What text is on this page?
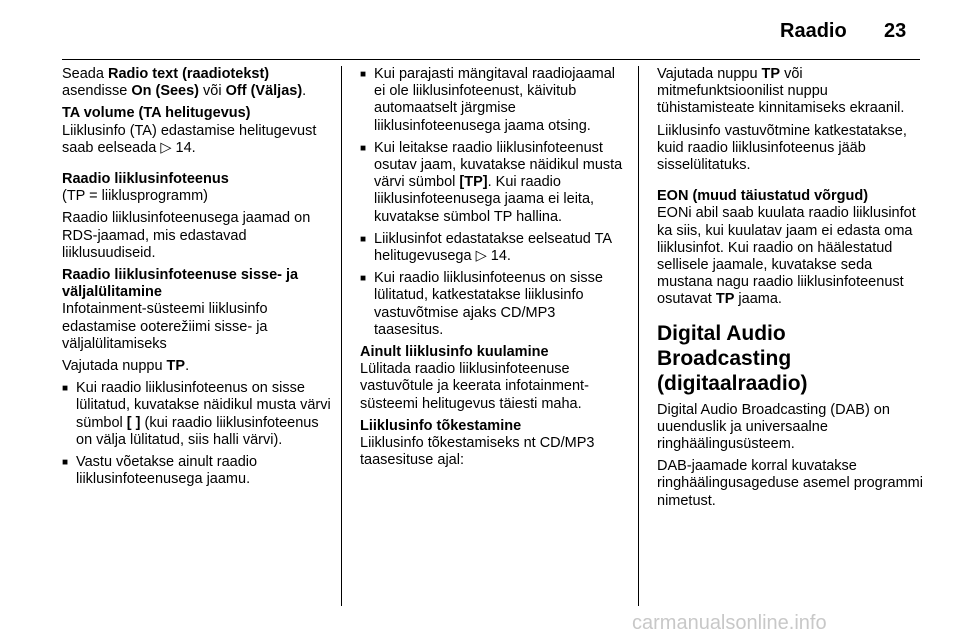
Raadio 23

Seada Radio text (raadiotekst) asendisse On (Sees) või Off (Väljas).

TA volume (TA helitugevus)

Liiklusinfo (TA) edastamise helitugevust saab eelseada ▷ 14.

Raadio liiklusinfoteenus

(TP = liiklusprogramm)

Raadio liiklusinfoteenusega jaamad on RDS-jaamad, mis edastavad liiklusuudiseid.

Raadio liiklusinfoteenuse sisse- ja väljalülitamine

Infotainment-süsteemi liiklusinfo edastamise ooterežiimi sisse- ja väljalülitamiseks

Vajutada nuppu TP.

■ Kui raadio liiklusinfoteenus on sisse lülitatud, kuvatakse näidikul musta värvi sümbol [ ] (kui raadio liiklusinfoteenus on välja lülitatud, siis halli värvi).
■ Vastu võetakse ainult raadio liiklusinfoteenusega jaamu.
■ Kui parajasti mängitaval raadiojaamal ei ole liiklusinfoteenust, käivitub automaatselt järgmise liiklusinfoteenusega jaama otsing.
■ Kui leitakse raadio liiklusinfoteenust osutav jaam, kuvatakse näidikul musta värvi sümbol [TP]. Kui raadio liiklusinfoteenusega jaama ei leita, kuvatakse sümbol TP hallina.
■ Liiklusinfot edastatakse eelseatud TA helitugevusega ▷ 14.
■ Kui raadio liiklusinfoteenus on sisse lülitatud, katkestatakse liiklusinfo vastuvõtmise ajaks CD/MP3 taasesitus.

Ainult liiklusinfo kuulamine

Lülitada raadio liiklusinfoteenuse vastuvõtule ja keerata infotainment-süsteemi helitugevus täiesti maha.

Liiklusinfo tõkestamine

Liiklusinfo tõkestamiseks nt CD/MP3 taasesituse ajal:

Vajutada nuppu TP või mitmefunktsioonilist nuppu tühistamisteate kinnitamiseks ekraanil.

Liiklusinfo vastuvõtmine katkestatakse, kuid raadio liiklusinfoteenus jääb sisselülitatuks.

EON (muud täiustatud võrgud)

EONi abil saab kuulata raadio liiklusinfot ka siis, kui kuulatav jaam ei edasta oma liiklusinfot. Kui raadio on häälestatud sellisele jaamale, kuvatakse seda mustana nagu raadio liiklusinfoteenust osutavat TP jaama.

Digital Audio Broadcasting (digitaalraadio)

Digital Audio Broadcasting (DAB) on uuenduslik ja universaalne ringhäälingusüsteem.

DAB-jaamade korral kuvatakse ringhäälingusageduse asemel programmi nimetust.

carmanualsonline.info
